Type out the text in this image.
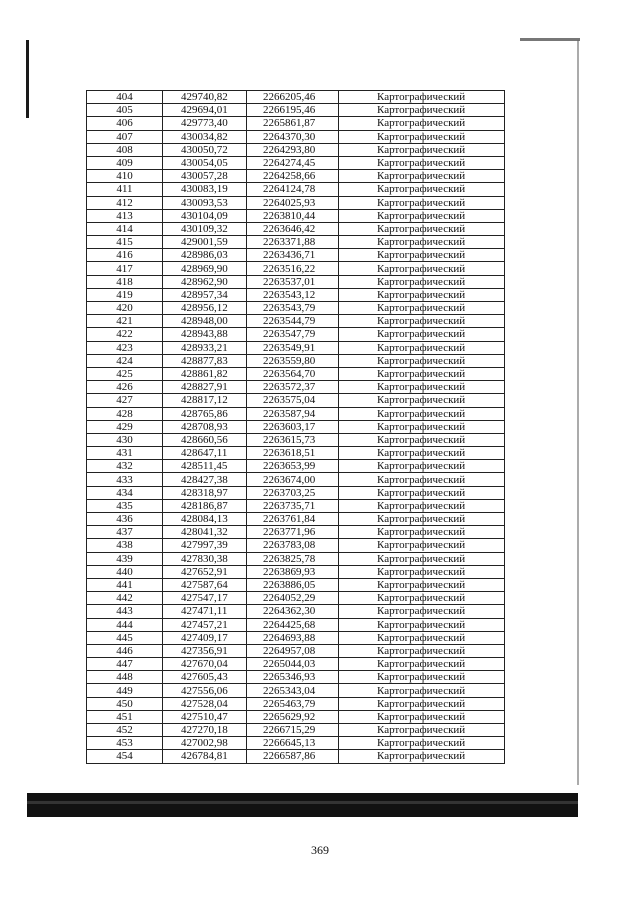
404	429740,82	2266205,46	Картографический
405	429694,01	2266195,46	Картографический
406	429773,40	2265861,87	Картографический
407	430034,82	2264370,30	Картографический
408	430050,72	2264293,80	Картографический
409	430054,05	2264274,45	Картографический
410	430057,28	2264258,66	Картографический
411	430083,19	2264124,78	Картографический
412	430093,53	2264025,93	Картографический
413	430104,09	2263810,44	Картографический
414	430109,32	2263646,42	Картографический
415	429001,59	2263371,88	Картографический
416	428986,03	2263436,71	Картографический
417	428969,90	2263516,22	Картографический
418	428962,90	2263537,01	Картографический
419	428957,34	2263543,12	Картографический
420	428956,12	2263543,79	Картографический
421	428948,00	2263544,79	Картографический
422	428943,88	2263547,79	Картографический
423	428933,21	2263549,91	Картографический
424	428877,83	2263559,80	Картографический
425	428861,82	2263564,70	Картографический
426	428827,91	2263572,37	Картографический
427	428817,12	2263575,04	Картографический
428	428765,86	2263587,94	Картографический
429	428708,93	2263603,17	Картографический
430	428660,56	2263615,73	Картографический
431	428647,11	2263618,51	Картографический
432	428511,45	2263653,99	Картографический
433	428427,38	2263674,00	Картографический
434	428318,97	2263703,25	Картографический
435	428186,87	2263735,71	Картографический
436	428084,13	2263761,84	Картографический
437	428041,32	2263771,96	Картографический
438	427997,39	2263783,08	Картографический
439	427830,38	2263825,78	Картографический
440	427652,91	2263869,93	Картографический
441	427587,64	2263886,05	Картографический
442	427547,17	2264052,29	Картографический
443	427471,11	2264362,30	Картографический
444	427457,21	2264425,68	Картографический
445	427409,17	2264693,88	Картографический
446	427356,91	2264957,08	Картографический
447	427670,04	2265044,03	Картографический
448	427605,43	2265346,93	Картографический
449	427556,06	2265343,04	Картографический
450	427528,04	2265463,79	Картографический
451	427510,47	2265629,92	Картографический
452	427270,18	2266715,29	Картографический
453	427002,98	2266645,13	Картографический
454	426784,81	2266587,86	Картографический
369
